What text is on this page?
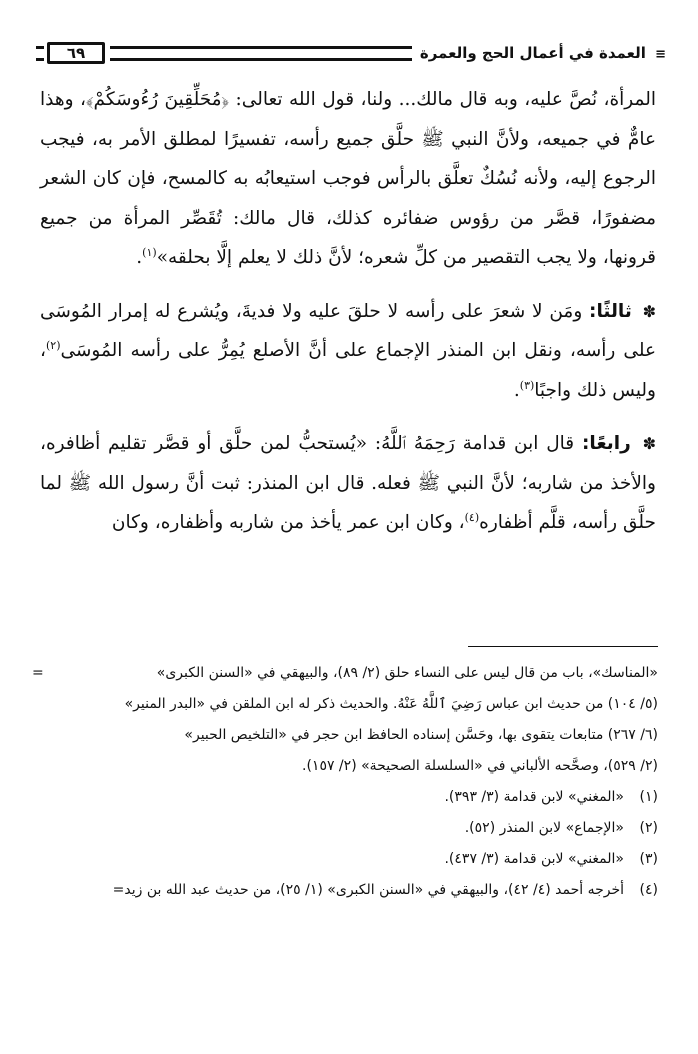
≡ العمدة في أعمال الحج والعمرة
٦٩

المرأة، نُصَّ عليه، وبه قال مالك... ولنا، قول الله تعالى: ﴿مُحَلِّقِينَ رُءُوسَكُمْ﴾، وهذا عامٌّ في جميعه، ولأنَّ النبي ﷺ حلَّق جميع رأسه، تفسيرًا لمطلق الأمر به، فيجب الرجوع إليه، ولأنه نُسُكٌ تعلَّق بالرأس فوجب استيعابُه به كالمسح، فإن كان الشعر مضفورًا، قصَّر من رؤوس ضفائره كذلك، قال مالك: تُقَصِّر المرأة من جميع قرونها، ولا يجب التقصير من كلِّ شعره؛ لأنَّ ذلك لا يعلم إلَّا بحلقه»$^{(١)}$.

✽ ثالثًا: ومَن لا شعرَ على رأسه لا حلقَ عليه ولا فديةَ، ويُشرع له إمرار المُوسَى على رأسه، ونقل ابن المنذر الإجماع على أنَّ الأصلع يُمِرُّ على رأسه المُوسَى$^{(٢)}$، وليس ذلك واجبًا$^{(٣)}$.

✽ رابعًا: قال ابن قدامة رَحِمَهُ ٱللَّهُ: «يُستحبُّ لمن حلَّق أو قصَّر تقليم أظافره، والأخذ من شاربه؛ لأنَّ النبي ﷺ فعله. قال ابن المنذر: ثبت أنَّ رسول الله ﷺ لما حلَّق رأسه، قلَّم أظفاره$^{(٤)}$، وكان ابن عمر يأخذ من شاربه وأظفاره، وكان

«المناسك»، باب من قال ليس على النساء حلق (٢/ ٨٩)، والبيهقي في «السنن الكبرى»
=
(٥/ ١٠٤) من حديث ابن عباس رَضِيَ ٱللَّهُ عَنْهُ. والحديث ذكر له ابن الملقن في «البدر المنير»
(٦/ ٢٦٧) متابعات يتقوى بها، وحَسَّن إسناده الحافظ ابن حجر في «التلخيص الحبير»
(٢/ ٥٢٩)، وصحَّحه الألباني في «السلسلة الصحيحة» (٢/ ١٥٧).
(١)
«المغني» لابن قدامة (٣/ ٣٩٣).
(٢)
«الإجماع» لابن المنذر (٥٢).
(٣)
«المغني» لابن قدامة (٣/ ٤٣٧).
(٤)
أخرجه أحمد (٤/ ٤٢)، والبيهقي في «السنن الكبرى» (١/ ٢٥)، من حديث عبد الله بن زيد=
